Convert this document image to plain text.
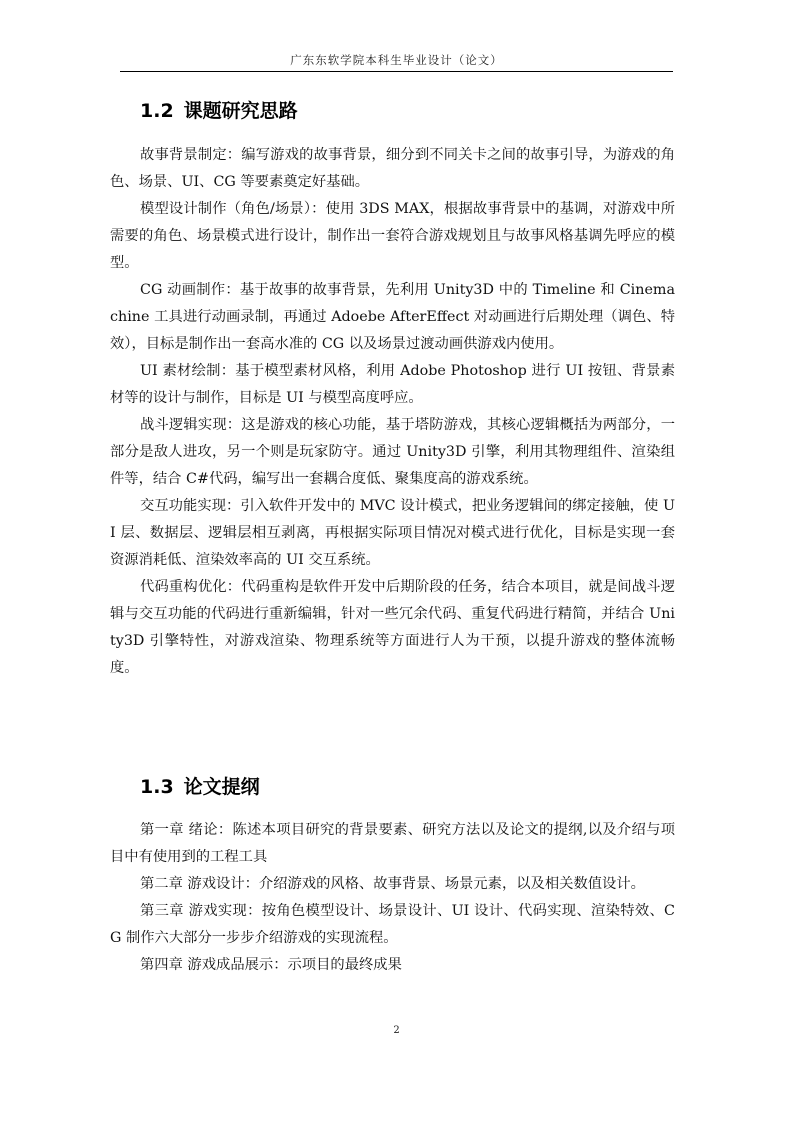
广东东软学院本科生毕业设计（论文）
1.2 课题研究思路

故事背景制定：编写游戏的故事背景，细分到不同关卡之间的故事引导，为游戏的角色、场景、UI、CG 等要素奠定好基础。

模型设计制作（角色/场景）：使用 3DS MAX，根据故事背景中的基调，对游戏中所需要的角色、场景模式进行设计，制作出一套符合游戏规划且与故事风格基调先呼应的模型。

CG 动画制作：基于故事的故事背景，先利用 Unity3D 中的 Timeline 和 Cinemachine 工具进行动画录制，再通过 Adoebe AfterEffect 对动画进行后期处理（调色、特效），目标是制作出一套高水准的 CG 以及场景过渡动画供游戏内使用。

UI 素材绘制：基于模型素材风格，利用 Adobe Photoshop 进行 UI 按钮、背景素材等的设计与制作，目标是 UI 与模型高度呼应。

战斗逻辑实现：这是游戏的核心功能，基于塔防游戏，其核心逻辑概括为两部分，一部分是敌人进攻，另一个则是玩家防守。通过 Unity3D 引擎，利用其物理组件、渲染组件等，结合 C#代码，编写出一套耦合度低、聚集度高的游戏系统。

交互功能实现：引入软件开发中的 MVC 设计模式，把业务逻辑间的绑定接触，使 UI 层、数据层、逻辑层相互剥离，再根据实际项目情况对模式进行优化，目标是实现一套资源消耗低、渲染效率高的 UI 交互系统。

代码重构优化：代码重构是软件开发中后期阶段的任务，结合本项目，就是间战斗逻辑与交互功能的代码进行重新编辑，针对一些冗余代码、重复代码进行精简，并结合 Unity3D 引擎特性，对游戏渲染、物理系统等方面进行人为干预，以提升游戏的整体流畅度。

1.3 论文提纲

第一章 绪论：陈述本项目研究的背景要素、研究方法以及论文的提纲,以及介绍与项目中有使用到的工程工具

第二章 游戏设计：介绍游戏的风格、故事背景、场景元素，以及相关数值设计。

第三章 游戏实现：按角色模型设计、场景设计、UI 设计、代码实现、渲染特效、CG 制作六大部分一步步介绍游戏的实现流程。

第四章 游戏成品展示：示项目的最终成果

2
